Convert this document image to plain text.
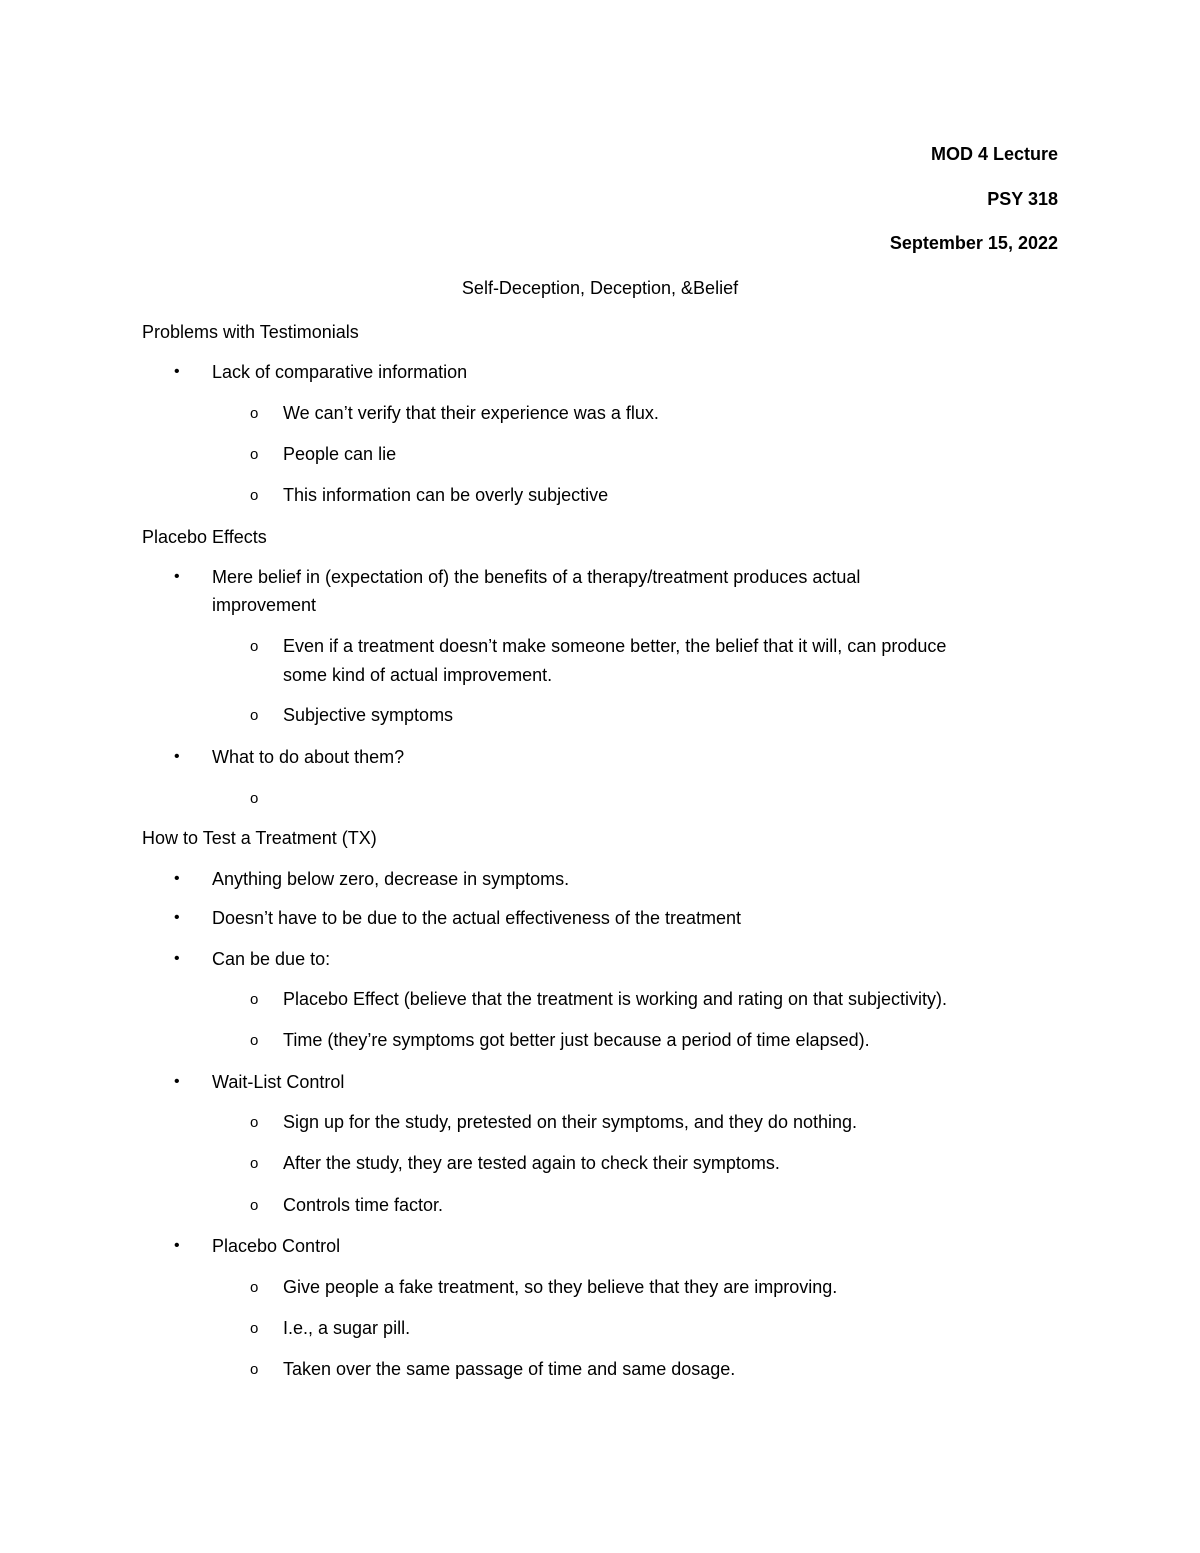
MOD 4 Lecture
PSY 318
September 15, 2022
Self-Deception, Deception, &Belief
Problems with Testimonials
• Lack of comparative information
o We can’t verify that their experience was a flux.
o People can lie
o This information can be overly subjective
Placebo Effects
• Mere belief in (expectation of) the benefits of a therapy/treatment produces actual
improvement
o Even if a treatment doesn’t make someone better, the belief that it will, can produce
some kind of actual improvement.
o Subjective symptoms
• What to do about them?
o
How to Test a Treatment (TX)
• Anything below zero, decrease in symptoms.
• Doesn’t have to be due to the actual effectiveness of the treatment
• Can be due to:
o Placebo Effect (believe that the treatment is working and rating on that subjectivity).
o Time (they’re symptoms got better just because a period of time elapsed).
• Wait-List Control
o Sign up for the study, pretested on their symptoms, and they do nothing.
o After the study, they are tested again to check their symptoms.
o Controls time factor.
• Placebo Control
o Give people a fake treatment, so they believe that they are improving.
o I.e., a sugar pill.
o Taken over the same passage of time and same dosage.
